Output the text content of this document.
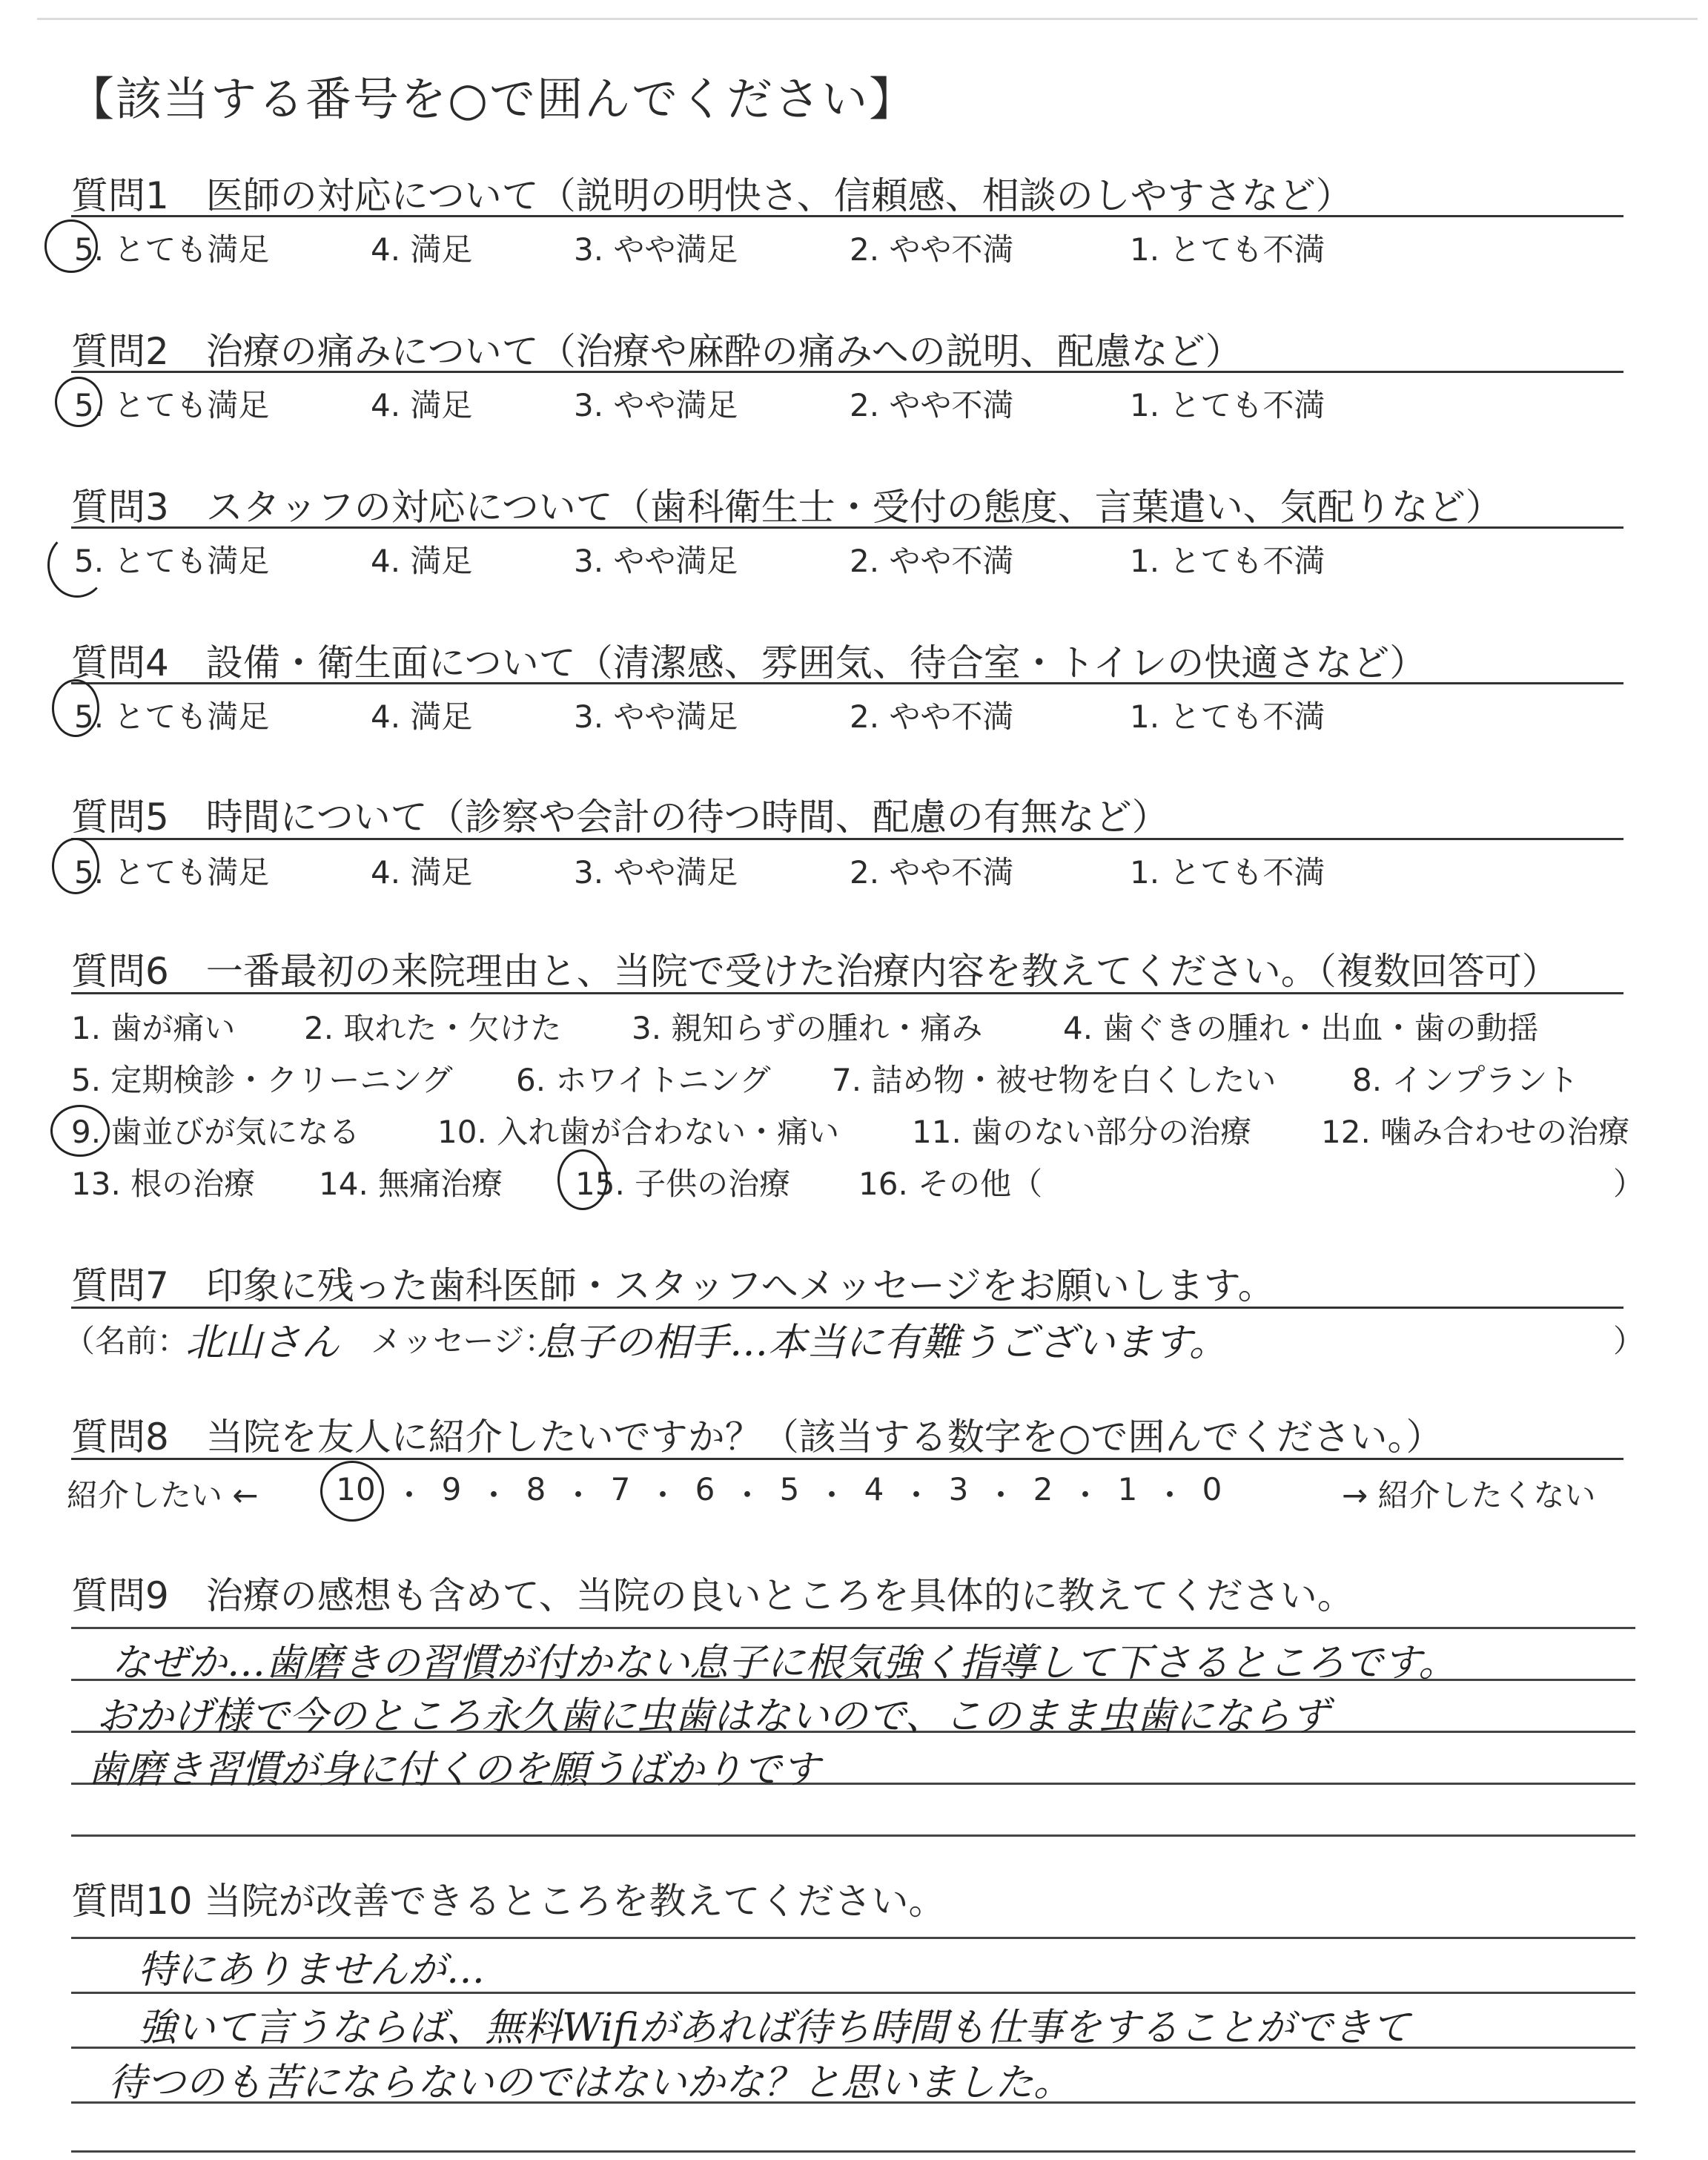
【該当する番号を○で囲んでください】
質問1　医師の対応について（説明の明快さ、信頼感、相談のしやすさなど）
5. とても満足	4. 満足	3. やや満足	2. やや不満	1. とても不満
質問2　治療の痛みについて（治療や麻酔の痛みへの説明、配慮など）
5. とても満足	4. 満足	3. やや満足	2. やや不満	1. とても不満
質問3　スタッフの対応について（歯科衛生士・受付の態度、言葉遣い、気配りなど）
5. とても満足	4. 満足	3. やや満足	2. やや不満	1. とても不満
質問4　設備・衛生面について（清潔感、雰囲気、待合室・トイレの快適さなど）
5. とても満足	4. 満足	3. やや満足	2. やや不満	1. とても不満
質問5　時間について（診察や会計の待つ時間、配慮の有無など）
5. とても満足	4. 満足	3. やや満足	2. やや不満	1. とても不満
質問6　一番最初の来院理由と、当院で受けた治療内容を教えてください。（複数回答可）
1. 歯が痛い 2. 取れた・欠けた 3. 親知らずの腫れ・痛み	4. 歯ぐきの腫れ・出血・歯の動揺
5. 定期検診・クリーニング 6. ホワイトニング 7. 詰め物・被せ物を白くしたい 8. インプラント
9. 歯並びが気になる 10. 入れ歯が合わない・痛い 11. 歯のない部分の治療 12. 噛み合わせの治療
13. 根の治療 14. 無痛治療 15. 子供の治療 16. その他（	）
質問7　印象に残った歯科医師・スタッフへメッセージをお願いします。
（名前：
北山さん メッセージ：
息子の相手…本当に有難うございます。	）
質問8　当院を友人に紹介したいですか？（該当する数字を○で囲んでください。）
紹介したい ←	10 ・ 9 ・ 8 ・ 7 ・ 6 ・ 5 ・ 4 ・ 3 ・ 2 ・ 1 ・ 0	→ 紹介したくない
質問9　治療の感想も含めて、当院の良いところを具体的に教えてください。
なぜか…歯磨きの習慣が付かない息子に根気強く指導して下さるところです。
おかげ様で今のところ永久歯に虫歯はないので、このまま虫歯にならず
歯磨き習慣が身に付くのを願うばかりです
質問10 当院が改善できるところを教えてください。
特にありませんが…
強いて言うならば、無料Wifiがあれば待ち時間も仕事をすることができて
待つのも苦にならないのではないかな？と思いました。
